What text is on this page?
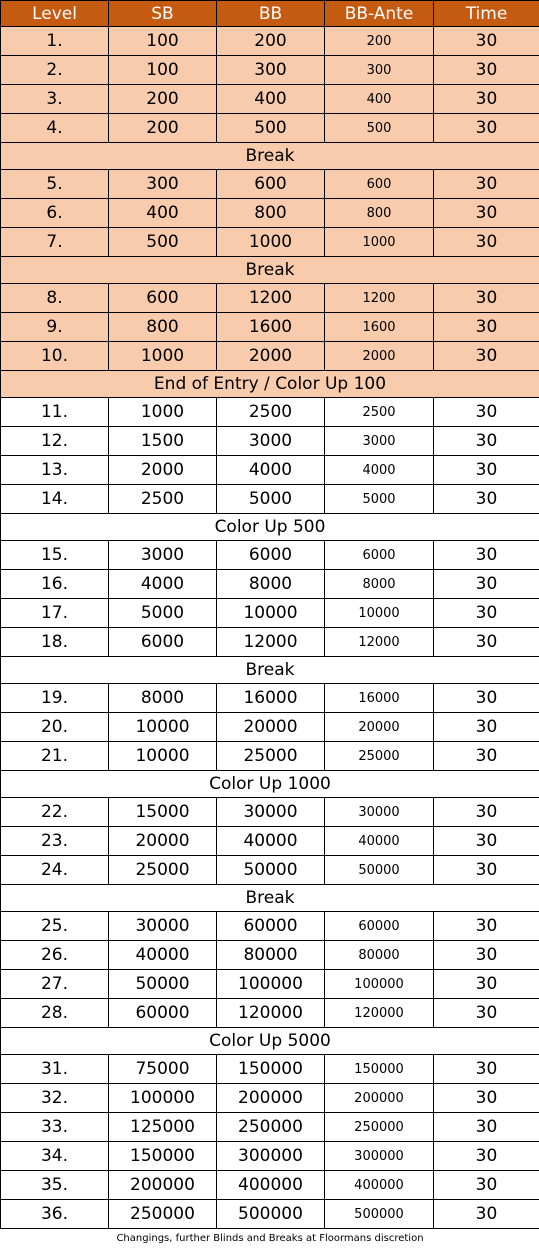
Level	SB	BB	BB-Ante	Time
1.	100	200	200	30
2.	100	300	300	30
3.	200	400	400	30
4.	200	500	500	30
Break				
5.	300	600	600	30
6.	400	800	800	30
7.	500	1000	1000	30
Break				
8.	600	1200	1200	30
9.	800	1600	1600	30
10.	1000	2000	2000	30
End of Entry / Color Up 100				
11.	1000	2500	2500	30
12.	1500	3000	3000	30
13.	2000	4000	4000	30
14.	2500	5000	5000	30
Color Up 500				
15.	3000	6000	6000	30
16.	4000	8000	8000	30
17.	5000	10000	10000	30
18.	6000	12000	12000	30
Break				
19.	8000	16000	16000	30
20.	10000	20000	20000	30
21.	10000	25000	25000	30
Color Up 1000				
22.	15000	30000	30000	30
23.	20000	40000	40000	30
24.	25000	50000	50000	30
Break				
25.	30000	60000	60000	30
26.	40000	80000	80000	30
27.	50000	100000	100000	30
28.	60000	120000	120000	30
Color Up 5000				
31.	75000	150000	150000	30
32.	100000	200000	200000	30
33.	125000	250000	250000	30
34.	150000	300000	300000	30
35.	200000	400000	400000	30
36.	250000	500000	500000	30
Changings, further Blinds and Breaks at Floormans discretion				
